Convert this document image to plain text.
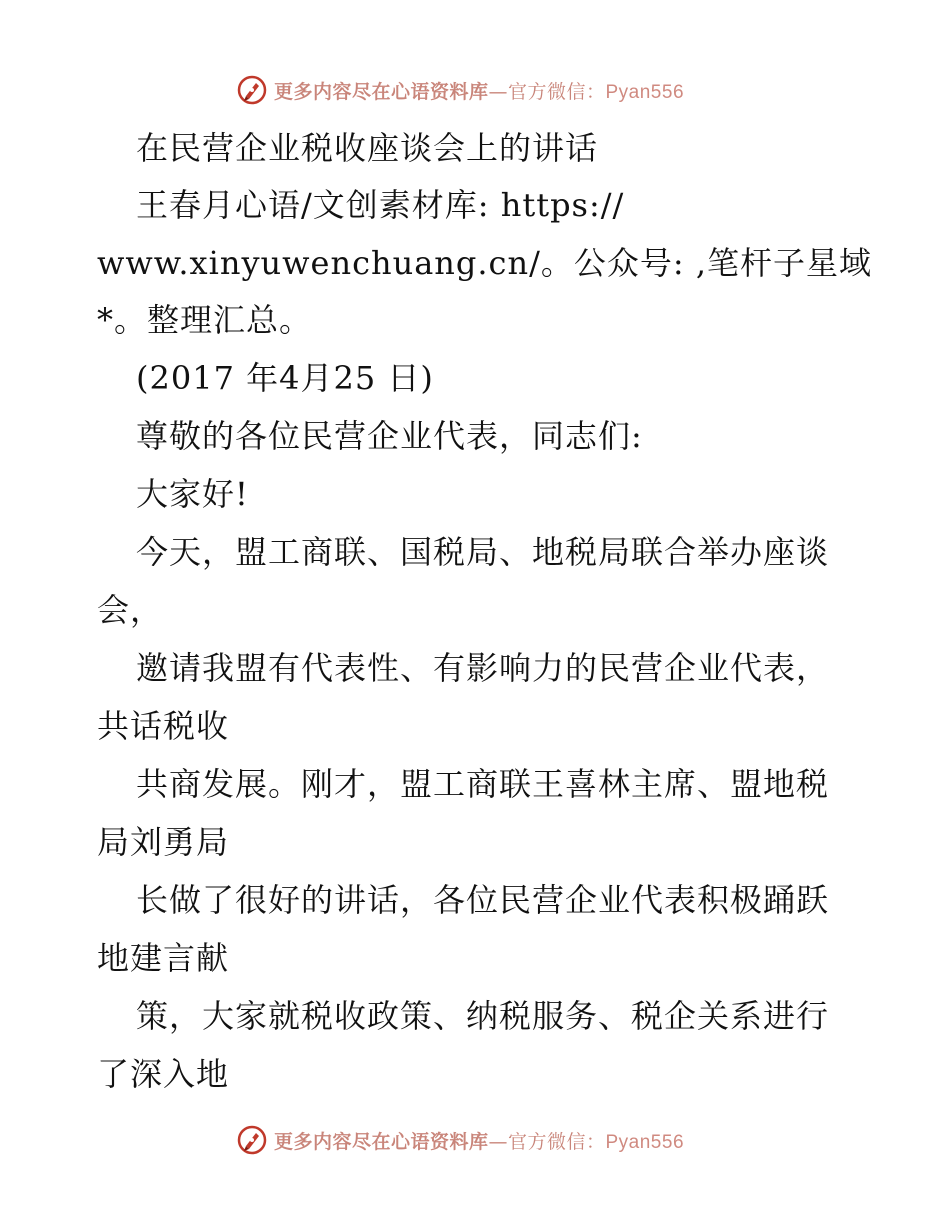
更多内容尽在心语资料库—官方微信：Pyan556
在民营企业税收座谈会上的讲话
王春月心语/文创素材库: https://
www.xinyuwenchuang.cn/。公众号: ,笔杆子星域
*。整理汇总。
(2017 年4月25 日)
尊敬的各位民营企业代表，同志们:
大家好!
今天，盟工商联、国税局、地税局联合举办座谈
会，
邀请我盟有代表性、有影响力的民营企业代表，
共话税收
共商发展。刚才，盟工商联王喜林主席、盟地税
局刘勇局
长做了很好的讲话，各位民营企业代表积极踊跃
地建言献
策，大家就税收政策、纳税服务、税企关系进行
了深入地
更多内容尽在心语资料库—官方微信：Pyan556
